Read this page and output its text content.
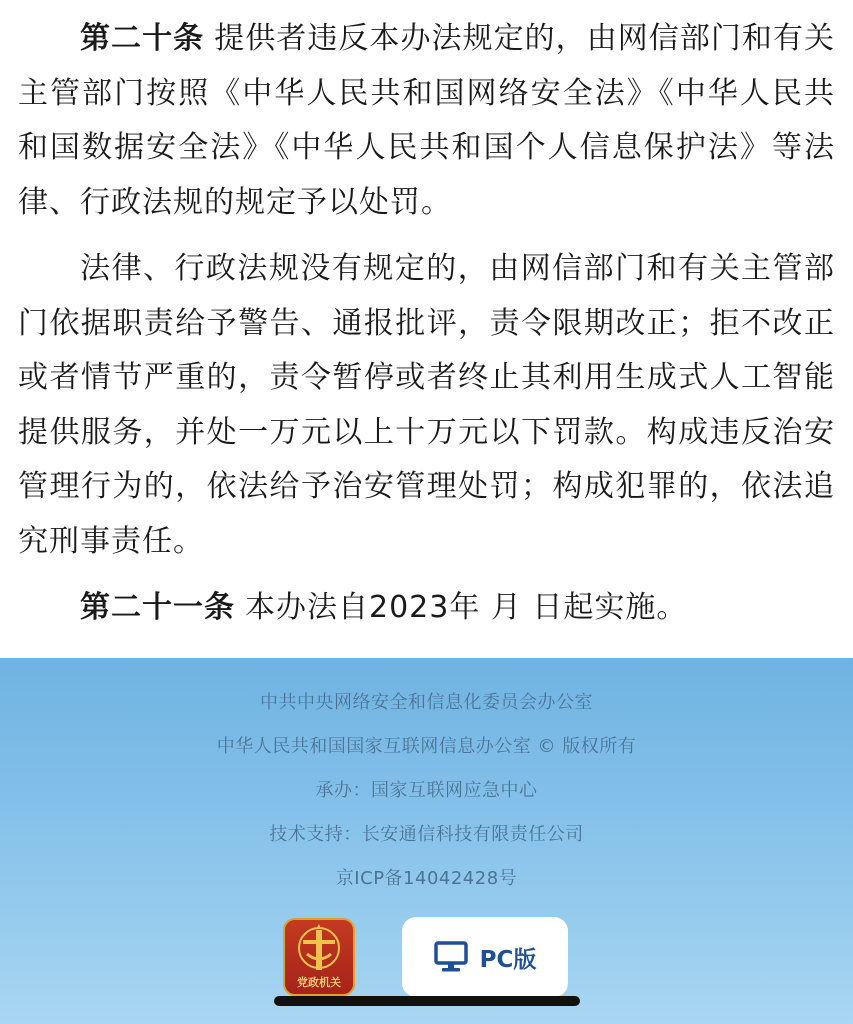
第二十条 提供者违反本办法规定的，由网信部门和有关主管部门按照《中华人民共和国网络安全法》《中华人民共和国数据安全法》《中华人民共和国个人信息保护法》等法律、行政法规的规定予以处罚。

法律、行政法规没有规定的，由网信部门和有关主管部门依据职责给予警告、通报批评，责令限期改正；拒不改正或者情节严重的，责令暂停或者终止其利用生成式人工智能提供服务，并处一万元以上十万元以下罚款。构成违反治安管理行为的，依法给予治安管理处罚；构成犯罪的，依法追究刑事责任。

第二十一条 本办法自2023年 月 日起实施。

中共中央网络安全和信息化委员会办公室
中华人民共和国国家互联网信息办公室 © 版权所有
承办：国家互联网应急中心
技术支持：长安通信科技有限责任公司
京ICP备14042428号
党政机关
PC版
